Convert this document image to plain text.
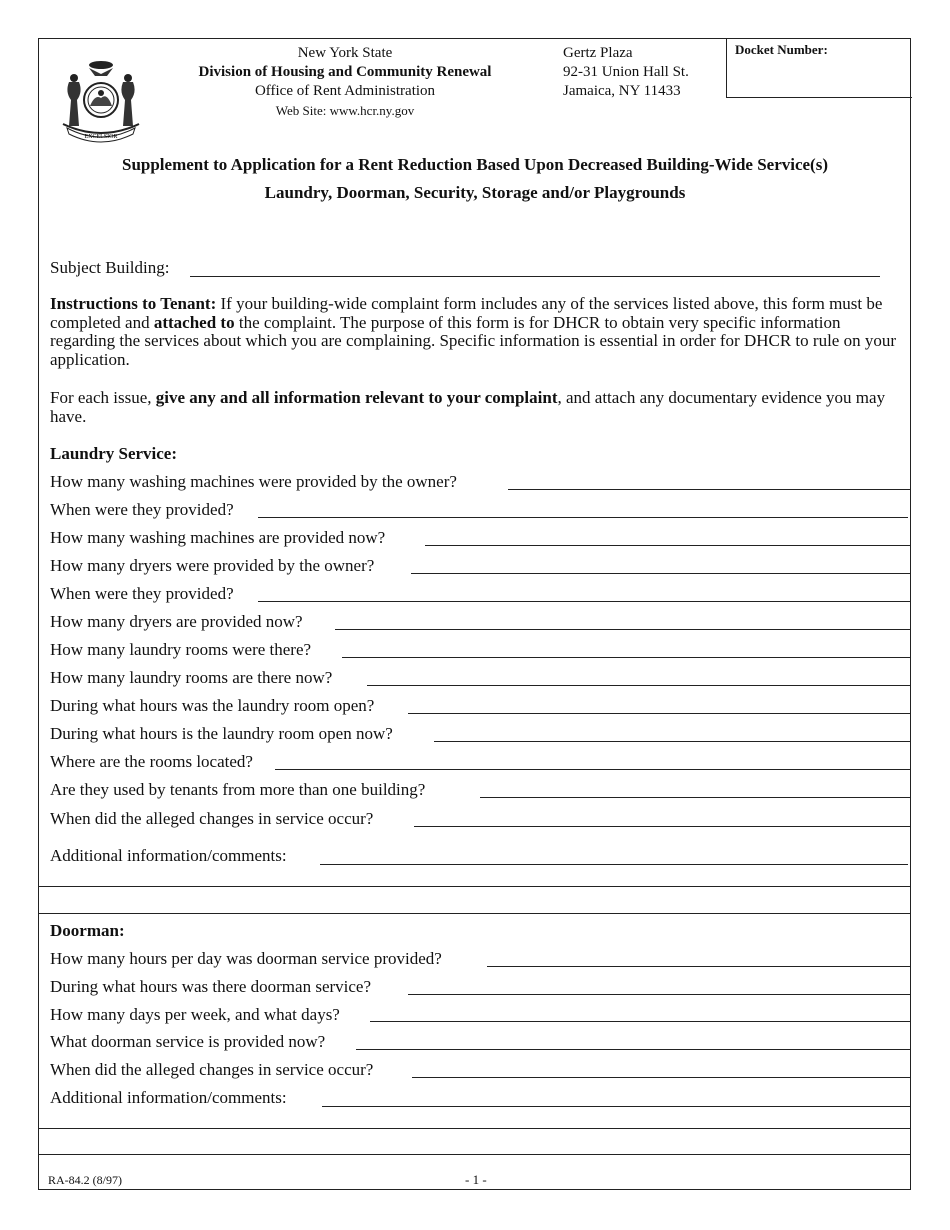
EXCELSIOR
New York State
Division of Housing and Community Renewal
Office of Rent Administration
Web Site: www.hcr.ny.gov
Gertz Plaza
92-31 Union Hall St.
Jamaica, NY 11433
Docket Number:
Supplement to Application for a Rent Reduction Based Upon Decreased Building-Wide Service(s)
Laundry, Doorman, Security, Storage and/or Playgrounds
Subject Building:
Instructions to Tenant: If your building-wide complaint form includes any of the services listed above, this form must be completed and attached to the complaint. The purpose of this form is for DHCR to obtain very specific information regarding the services about which you are complaining. Specific information is essential in order for DHCR to rule on your application.
For each issue, give any and all information relevant to your complaint, and attach any documentary evidence you may have.
Laundry Service:
How many washing machines were provided by the owner?
When were they provided?
How many washing machines are provided now?
How many dryers were provided by the owner?
When were they provided?
How many dryers are provided now?
How many laundry rooms were there?
How many laundry rooms are there now?
During what hours was the laundry room open?
During what hours is the laundry room open now?
Where are the rooms located?
Are they used by tenants from more than one building?
When did the alleged changes in service occur?
Additional information/comments:
Doorman:
How many hours per day was doorman service provided?
During what hours was there doorman service?
How many days per week, and what days?
What doorman service is provided now?
When did the alleged changes in service occur?
Additional information/comments:
RA-84.2 (8/97)	- 1 -
